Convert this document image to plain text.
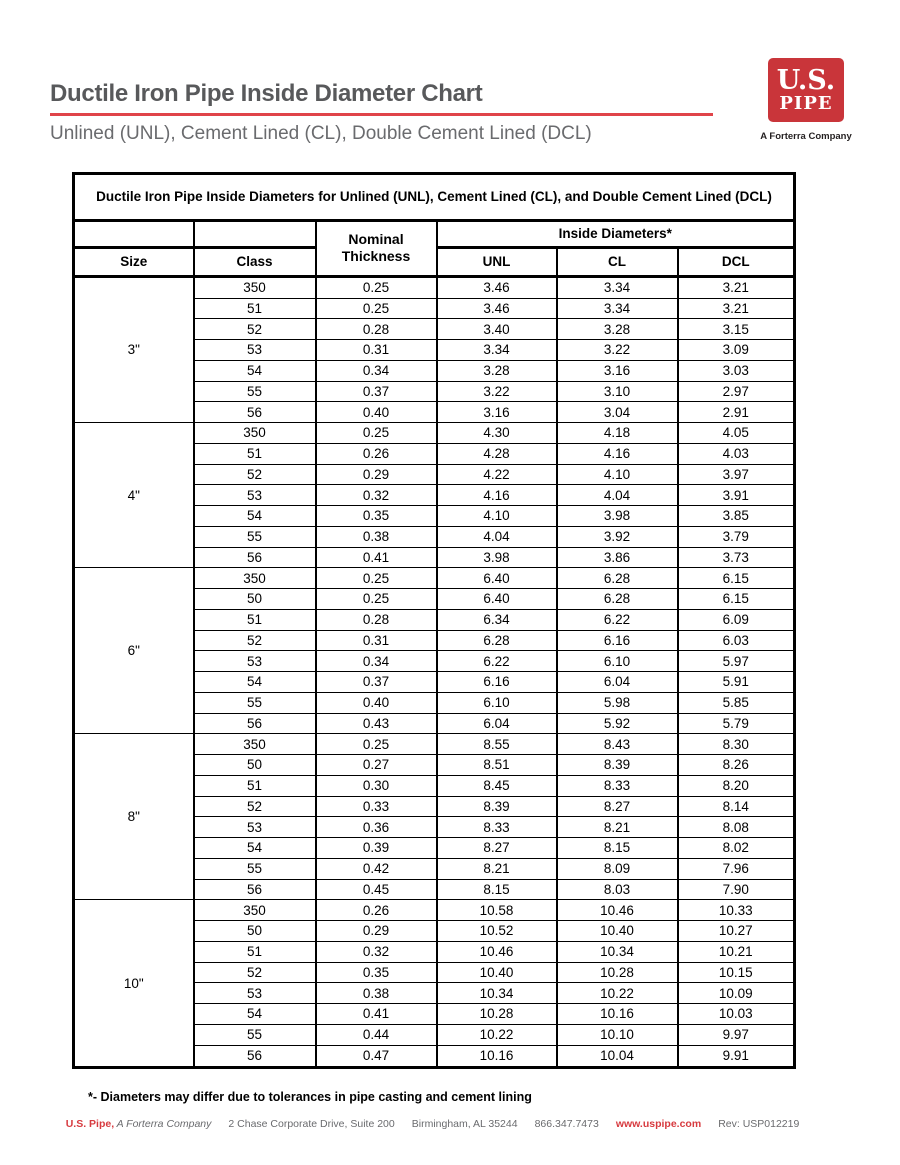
Ductile Iron Pipe Inside Diameter Chart
Unlined (UNL), Cement Lined (CL), Double Cement Lined (DCL)
U.S.
PIPE
A Forterra Company
Ductile Iron Pipe Inside Diameters for Unlined (UNL), Cement Lined (CL), and Double Cement Lined (DCL)					
		Nominal Thickness	Inside Diameters*		
Size	Class		UNL	CL	DCL
3"	350	0.25	3.46	3.34	3.21
	51	0.25	3.46	3.34	3.21
	52	0.28	3.40	3.28	3.15
	53	0.31	3.34	3.22	3.09
	54	0.34	3.28	3.16	3.03
	55	0.37	3.22	3.10	2.97
	56	0.40	3.16	3.04	2.91
4"	350	0.25	4.30	4.18	4.05
	51	0.26	4.28	4.16	4.03
	52	0.29	4.22	4.10	3.97
	53	0.32	4.16	4.04	3.91
	54	0.35	4.10	3.98	3.85
	55	0.38	4.04	3.92	3.79
	56	0.41	3.98	3.86	3.73
6"	350	0.25	6.40	6.28	6.15
	50	0.25	6.40	6.28	6.15
	51	0.28	6.34	6.22	6.09
	52	0.31	6.28	6.16	6.03
	53	0.34	6.22	6.10	5.97
	54	0.37	6.16	6.04	5.91
	55	0.40	6.10	5.98	5.85
	56	0.43	6.04	5.92	5.79
8"	350	0.25	8.55	8.43	8.30
	50	0.27	8.51	8.39	8.26
	51	0.30	8.45	8.33	8.20
	52	0.33	8.39	8.27	8.14
	53	0.36	8.33	8.21	8.08
	54	0.39	8.27	8.15	8.02
	55	0.42	8.21	8.09	7.96
	56	0.45	8.15	8.03	7.90
10"	350	0.26	10.58	10.46	10.33
	50	0.29	10.52	10.40	10.27
	51	0.32	10.46	10.34	10.21
	52	0.35	10.40	10.28	10.15
	53	0.38	10.34	10.22	10.09
	54	0.41	10.28	10.16	10.03
	55	0.44	10.22	10.10	9.97
	56	0.47	10.16	10.04	9.91
*- Diameters may differ due to tolerances in pipe casting and cement lining
U.S. Pipe, A Forterra Company 2 Chase Corporate Drive, Suite 200 Birmingham, AL 35244 866.347.7473 www.uspipe.com Rev: USP012219
